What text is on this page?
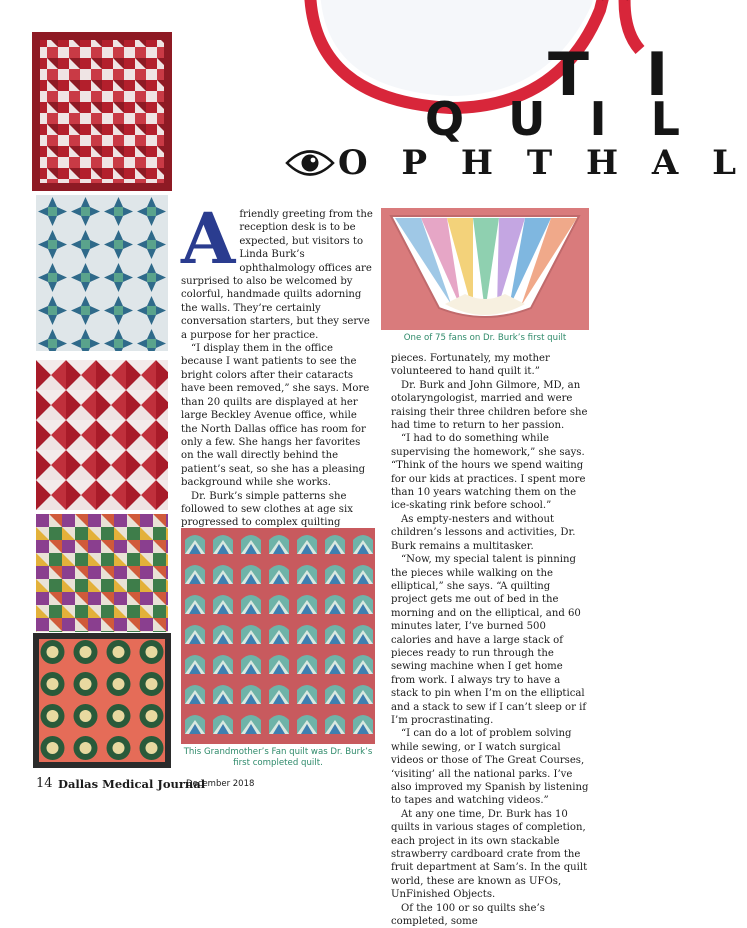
T I
Q U I L
O P H T H A L
A friendly greeting from the reception desk is to be expected, but visitors to Linda Burk’s ophthalmology offices are surprised to also be welcomed by colorful, handmade quilts adorning the walls. They’re certainly conversation starters, but they serve a purpose for her practice.

“I display them in the office because I want patients to see the bright colors after their cataracts have been removed,” she says. More than 20 quilts are displayed at her large Beckley Avenue office, while the North Dallas office has room for only a few. She hangs her favorites on the wall directly behind the patient’s seat, so she has a pleasing background while she works.

Dr. Burk’s simple patterns she followed to sew clothes at age six progressed to complex quilting

This Grandmother’s Fan quilt was Dr. Burk’s first completed quilt.
One of 75 fans on Dr. Burk’s first quilt

pieces. Fortunately, my mother volunteered to hand quilt it.”

Dr. Burk and John Gilmore, MD, an otolaryngologist, married and were raising their three children before she had time to return to her passion.

“I had to do something while supervising the homework,” she says. “Think of the hours we spend waiting for our kids at practices. I spent more than 10 years watching them on the ice-skating rink before school.”

As empty-nesters and without children’s lessons and activities, Dr. Burk remains a multitasker.

“Now, my special talent is pinning the pieces while walking on the elliptical,” she says. “A quilting project gets me out of bed in the morning and on the elliptical, and 60 minutes later, I’ve burned 500 calories and have a large stack of pieces ready to run through the sewing machine when I get home from work. I always try to have a stack to pin when I’m on the elliptical and a stack to sew if I can’t sleep or if I’m procrastinating.

“I can do a lot of problem solving while sewing, or I watch surgical videos or those of The Great Courses, ‘visiting’ all the national parks. I’ve also improved my Spanish by listening to tapes and watching videos.”

At any one time, Dr. Burk has 10 quilts in various stages of completion, each project in its own stackable strawberry cardboard crate from the fruit department at Sam’s. In the quilt world, these are known as UFOs, UnFinished Objects.

Of the 100 or so quilts she’s completed, some

14 Dallas Medical Journal
December 2018
